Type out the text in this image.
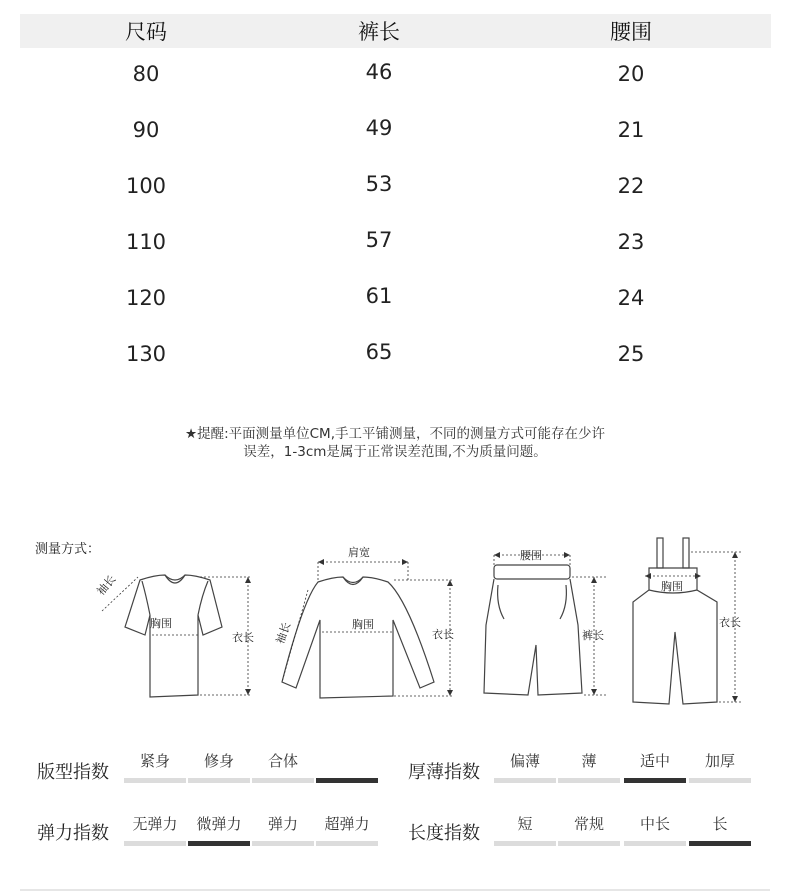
尺码	裤长	腰围
80	46	20
90	49	21
100	53	22
110	57	23
120	61	24
130	65	25
★提醒:平面测量单位CM,手工平铺测量，不同的测量方式可能存在少许
误差，1-3cm是属于正常误差范围,不为质量问题。
测量方式：
袖长
胸围
衣长
肩宽
袖长	胸围
衣长
腰围
裤长
胸围
衣长
版型指数
紧身	修身	合体
厚薄指数
偏薄	薄	适中	加厚
弹力指数	无弹力	微弹力	弹力	超弹力	长度指数	短	常规	中长	长
